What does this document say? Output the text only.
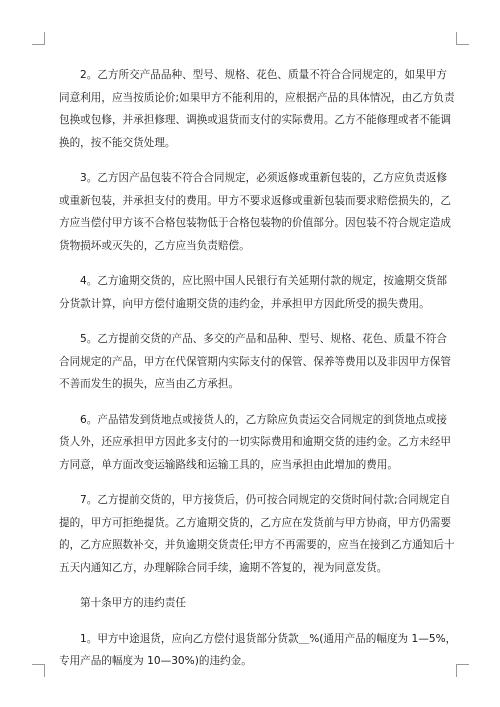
2。乙方所交产品品种、型号、规格、花色、质量不符合合同规定的，如果甲方
同意利用，应当按质论价;如果甲方不能利用的，应根据产品的具体情况，由乙方负责
包换或包修，并承担修理、调换或退货而支付的实际费用。乙方不能修理或者不能调
换的，按不能交货处理。

3。乙方因产品包装不符合合同规定，必须返修或重新包装的，乙方应负责返修
或重新包装，并承担支付的费用。甲方不要求返修或重新包装而要求赔偿损失的，乙
方应当偿付甲方该不合格包装物低于合格包装物的价值部分。因包装不符合规定造成
货物损坏或灭失的，乙方应当负责赔偿。

4。乙方逾期交货的，应比照中国人民银行有关延期付款的规定，按逾期交货部
分货款计算，向甲方偿付逾期交货的违约金，并承担甲方因此所受的损失费用。

5。乙方提前交货的产品、多交的产品和品种、型号、规格、花色、质量不符合
合同规定的产品，甲方在代保管期内实际支付的保管、保养等费用以及非因甲方保管
不善而发生的损失，应当由乙方承担。

6。产品错发到货地点或接货人的，乙方除应负责运交合同规定的到货地点或接
货人外，还应承担甲方因此多支付的一切实际费用和逾期交货的违约金。乙方未经甲
方同意，单方面改变运输路线和运输工具的，应当承担由此增加的费用。

7。乙方提前交货的，甲方接货后，仍可按合同规定的交货时间付款;合同规定自
提的，甲方可拒绝提货。乙方逾期交货的，乙方应在发货前与甲方协商，甲方仍需要
的，乙方应照数补交，并负逾期交货责任;甲方不再需要的，应当在接到乙方通知后十
五天内通知乙方，办理解除合同手续，逾期不答复的，视为同意发货。

第十条甲方的违约责任

1。甲方中途退货，应向乙方偿付退货部分货款＿%(通用产品的幅度为 1—5%，
专用产品的幅度为 10—30%)的违约金。
